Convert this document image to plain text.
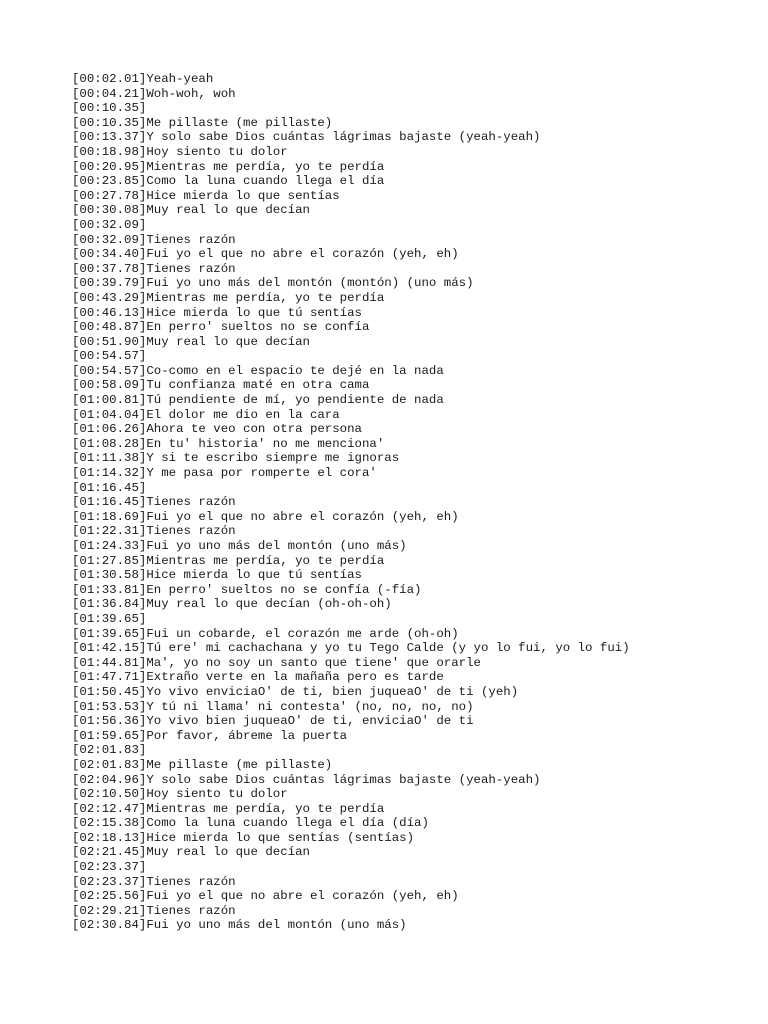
[00:02.01]Yeah-yeah
[00:04.21]Woh-woh, woh
[00:10.35]
[00:10.35]Me pillaste (me pillaste)
[00:13.37]Y solo sabe Dios cuántas lágrimas bajaste (yeah-yeah)
[00:18.98]Hoy siento tu dolor
[00:20.95]Mientras me perdía, yo te perdía
[00:23.85]Como la luna cuando llega el día
[00:27.78]Hice mierda lo que sentías
[00:30.08]Muy real lo que decían
[00:32.09]
[00:32.09]Tienes razón
[00:34.40]Fui yo el que no abre el corazón (yeh, eh)
[00:37.78]Tienes razón
[00:39.79]Fui yo uno más del montón (montón) (uno más)
[00:43.29]Mientras me perdía, yo te perdía
[00:46.13]Hice mierda lo que tú sentías
[00:48.87]En perro' sueltos no se confía
[00:51.90]Muy real lo que decían
[00:54.57]
[00:54.57]Co-como en el espacio te dejé en la nada
[00:58.09]Tu confianza maté en otra cama
[01:00.81]Tú pendiente de mí, yo pendiente de nada
[01:04.04]El dolor me dio en la cara
[01:06.26]Ahora te veo con otra persona
[01:08.28]En tu' historia' no me menciona'
[01:11.38]Y si te escribo siempre me ignoras
[01:14.32]Y me pasa por romperte el cora'
[01:16.45]
[01:16.45]Tienes razón
[01:18.69]Fui yo el que no abre el corazón (yeh, eh)
[01:22.31]Tienes razón
[01:24.33]Fui yo uno más del montón (uno más)
[01:27.85]Mientras me perdía, yo te perdía
[01:30.58]Hice mierda lo que tú sentías
[01:33.81]En perro' sueltos no se confía (-fía)
[01:36.84]Muy real lo que decían (oh-oh-oh)
[01:39.65]
[01:39.65]Fui un cobarde, el corazón me arde (oh-oh)
[01:42.15]Tú ere' mi cachachana y yo tu Tego Calde (y yo lo fui, yo lo fui)
[01:44.81]Ma', yo no soy un santo que tiene' que orarle
[01:47.71]Extraño verte en la mañaña pero es tarde
[01:50.45]Yo vivo enviciaO' de ti, bien juqueaO' de ti (yeh)
[01:53.53]Y tú ni llama' ni contesta' (no, no, no, no)
[01:56.36]Yo vivo bien juqueaO' de ti, enviciaO' de ti
[01:59.65]Por favor, ábreme la puerta
[02:01.83]
[02:01.83]Me pillaste (me pillaste)
[02:04.96]Y solo sabe Dios cuántas lágrimas bajaste (yeah-yeah)
[02:10.50]Hoy siento tu dolor
[02:12.47]Mientras me perdía, yo te perdía
[02:15.38]Como la luna cuando llega el día (día)
[02:18.13]Hice mierda lo que sentías (sentías)
[02:21.45]Muy real lo que decían
[02:23.37]
[02:23.37]Tienes razón
[02:25.56]Fui yo el que no abre el corazón (yeh, eh)
[02:29.21]Tienes razón
[02:30.84]Fui yo uno más del montón (uno más)
